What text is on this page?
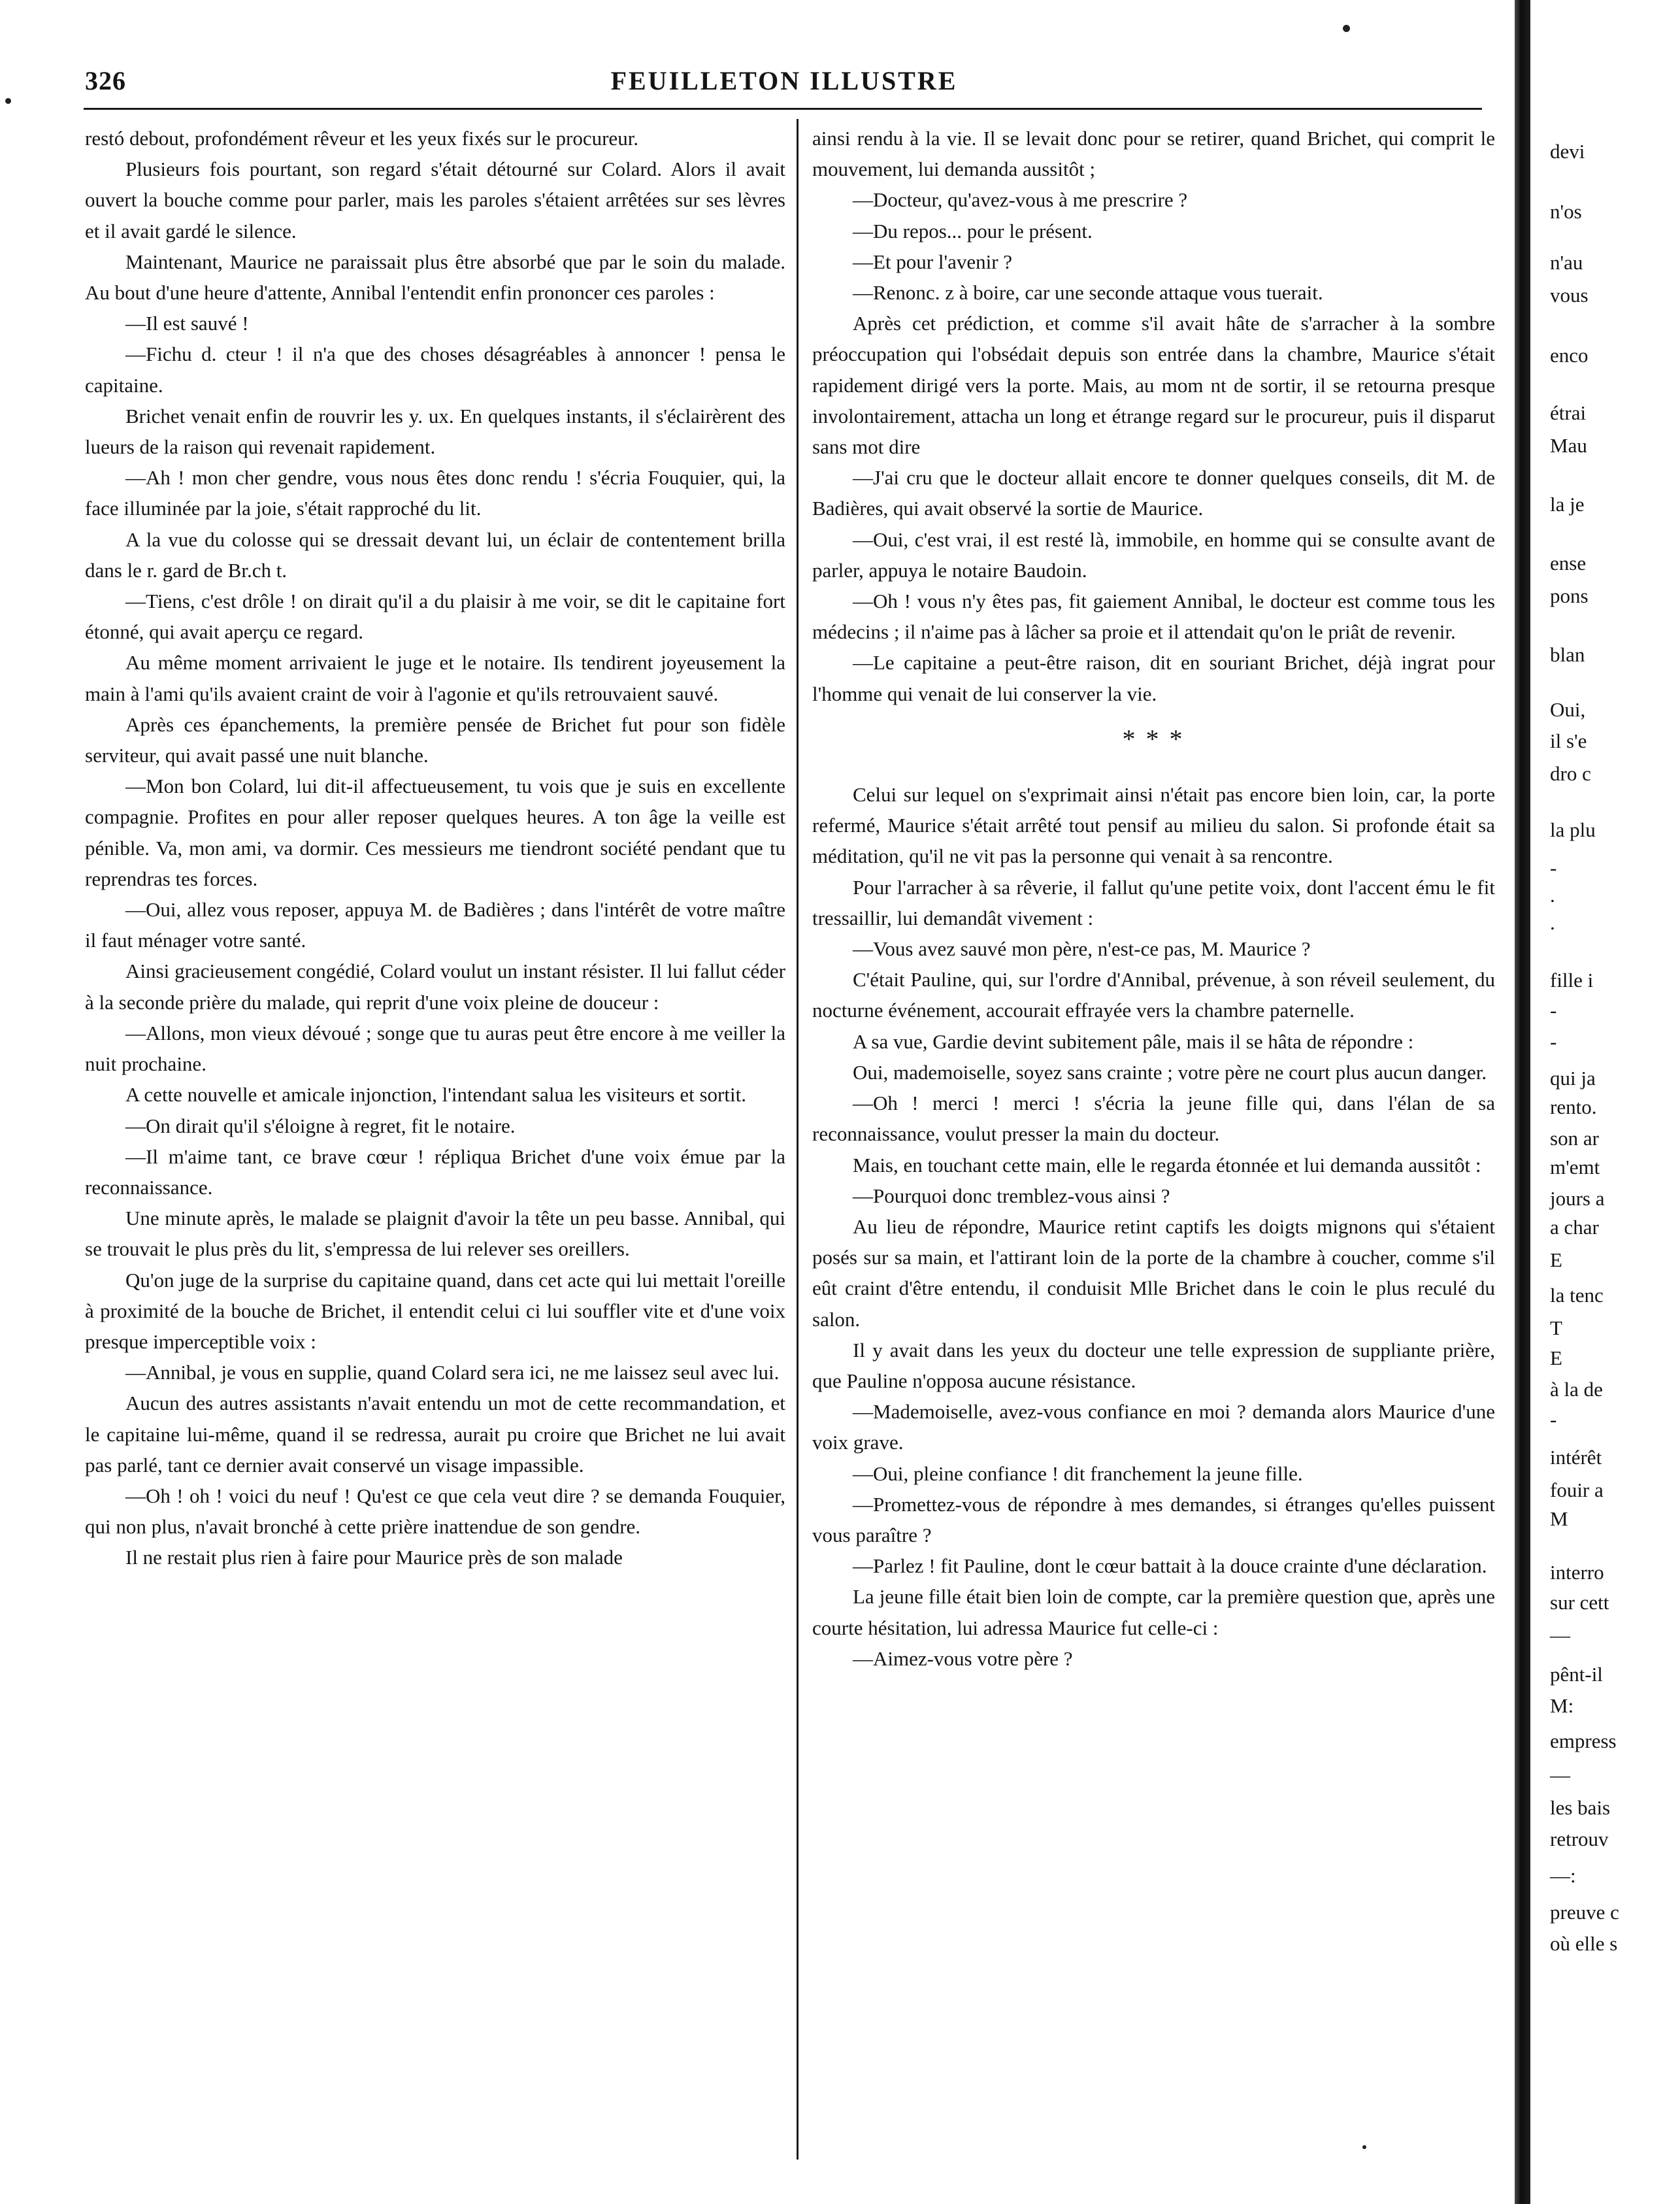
326	FEUILLETON ILLUSTRE

restó debout, profondément rêveur et les yeux fixés sur le procureur.

Plusieurs fois pourtant, son regard s'était détourné sur Colard. Alors il avait ouvert la bouche comme pour parler, mais les paroles s'étaient arrêtées sur ses lèvres et il avait gardé le silence.

Maintenant, Maurice ne paraissait plus être absorbé que par le soin du malade. Au bout d'une heure d'attente, Annibal l'entendit enfin prononcer ces paroles :

—Il est sauvé !

—Fichu d. cteur ! il n'a que des choses désagréables à annoncer ! pensa le capitaine.

Brichet venait enfin de rouvrir les y. ux. En quelques instants, il s'éclairèrent des lueurs de la raison qui revenait rapidement.

—Ah ! mon cher gendre, vous nous êtes donc rendu ! s'écria Fouquier, qui, la face illuminée par la joie, s'était rapproché du lit.

A la vue du colosse qui se dressait devant lui, un éclair de contentement brilla dans le r. gard de Br.ch t.

—Tiens, c'est drôle ! on dirait qu'il a du plaisir à me voir, se dit le capitaine fort étonné, qui avait aperçu ce regard.

Au même moment arrivaient le juge et le notaire. Ils tendirent joyeusement la main à l'ami qu'ils avaient craint de voir à l'agonie et qu'ils retrouvaient sauvé.

Après ces épanchements, la première pensée de Brichet fut pour son fidèle serviteur, qui avait passé une nuit blanche.

—Mon bon Colard, lui dit-il affectueusement, tu vois que je suis en excellente compagnie. Profites en pour aller reposer quelques heures. A ton âge la veille est pénible. Va, mon ami, va dormir. Ces messieurs me tiendront société pendant que tu reprendras tes forces.

—Oui, allez vous reposer, appuya M. de Badières ; dans l'intérêt de votre maître il faut ménager votre santé.

Ainsi gracieusement congédié, Colard voulut un instant résister. Il lui fallut céder à la seconde prière du malade, qui reprit d'une voix pleine de douceur :

—Allons, mon vieux dévoué ; songe que tu auras peut être encore à me veiller la nuit prochaine.

A cette nouvelle et amicale injonction, l'intendant salua les visiteurs et sortit.

—On dirait qu'il s'éloigne à regret, fit le notaire.

—Il m'aime tant, ce brave cœur ! répliqua Brichet d'une voix émue par la reconnaissance.

Une minute après, le malade se plaignit d'avoir la tête un peu basse. Annibal, qui se trouvait le plus près du lit, s'empressa de lui relever ses oreillers.

Qu'on juge de la surprise du capitaine quand, dans cet acte qui lui mettait l'oreille à proximité de la bouche de Brichet, il entendit celui ci lui souffler vite et d'une voix presque imperceptible voix :

—Annibal, je vous en supplie, quand Colard sera ici, ne me laissez seul avec lui.

Aucun des autres assistants n'avait entendu un mot de cette recommandation, et le capitaine lui-même, quand il se redressa, aurait pu croire que Brichet ne lui avait pas parlé, tant ce dernier avait conservé un visage impassible.

—Oh ! oh ! voici du neuf ! Qu'est ce que cela veut dire ? se demanda Fouquier, qui non plus, n'avait bronché à cette prière inattendue de son gendre.

Il ne restait plus rien à faire pour Maurice près de son malade

ainsi rendu à la vie. Il se levait donc pour se retirer, quand Brichet, qui comprit le mouvement, lui demanda aussitôt ;

—Docteur, qu'avez-vous à me prescrire ?

—Du repos... pour le présent.

—Et pour l'avenir ?

—Renonc. z à boire, car une seconde attaque vous tuerait.

Après cet prédiction, et comme s'il avait hâte de s'arracher à la sombre préoccupation qui l'obsédait depuis son entrée dans la chambre, Maurice s'était rapidement dirigé vers la porte. Mais, au mom nt de sortir, il se retourna presque involontairement, attacha un long et étrange regard sur le procureur, puis il disparut sans mot dire

—J'ai cru que le docteur allait encore te donner quelques conseils, dit M. de Badières, qui avait observé la sortie de Maurice.

—Oui, c'est vrai, il est resté là, immobile, en homme qui se consulte avant de parler, appuya le notaire Baudoin.

—Oh ! vous n'y êtes pas, fit gaiement Annibal, le docteur est comme tous les médecins ; il n'aime pas à lâcher sa proie et il attendait qu'on le priât de revenir.

—Le capitaine a peut-être raison, dit en souriant Brichet, déjà ingrat pour l'homme qui venait de lui conserver la vie.

* * *

Celui sur lequel on s'exprimait ainsi n'était pas encore bien loin, car, la porte refermé, Maurice s'était arrêté tout pensif au milieu du salon. Si profonde était sa méditation, qu'il ne vit pas la personne qui venait à sa rencontre.

Pour l'arracher à sa rêverie, il fallut qu'une petite voix, dont l'accent ému le fit tressaillir, lui demandât vivement :

—Vous avez sauvé mon père, n'est-ce pas, M. Maurice ?

C'était Pauline, qui, sur l'ordre d'Annibal, prévenue, à son réveil seulement, du nocturne événement, accourait effrayée vers la chambre paternelle.

A sa vue, Gardie devint subitement pâle, mais il se hâta de répondre :

Oui, mademoiselle, soyez sans crainte ; votre père ne court plus aucun danger.

—Oh ! merci ! merci ! s'écria la jeune fille qui, dans l'élan de sa reconnaissance, voulut presser la main du docteur.

Mais, en touchant cette main, elle le regarda étonnée et lui demanda aussitôt :

—Pourquoi donc tremblez-vous ainsi ?

Au lieu de répondre, Maurice retint captifs les doigts mignons qui s'étaient posés sur sa main, et l'attirant loin de la porte de la chambre à coucher, comme s'il eût craint d'être entendu, il conduisit Mlle Brichet dans le coin le plus reculé du salon.

Il y avait dans les yeux du docteur une telle expression de suppliante prière, que Pauline n'opposa aucune résistance.

—Mademoiselle, avez-vous confiance en moi ? demanda alors Maurice d'une voix grave.

—Oui, pleine confiance ! dit franchement la jeune fille.

—Promettez-vous de répondre à mes demandes, si étranges qu'elles puissent vous paraître ?

—Parlez ! fit Pauline, dont le cœur battait à la douce crainte d'une déclaration.

La jeune fille était bien loin de compte, car la première question que, après une courte hésitation, lui adressa Maurice fut celle-ci :

—Aimez-vous votre père ?

devi
n'os
n'au
vous
enco
étrai
Mau
la je
ense
pons
blan
Oui,
il s'e
dro c
la plu
-
.
.
fille i
-
-
qui ja
rento.
son ar
m'emt
jours a
a char
E
la tenc
T
E
à la de
-
intérêt
fouir a
M
interro
sur cett
—
pênt-il
M:
empress
—
les bais
retrouv
—:
preuve c
où elle s
